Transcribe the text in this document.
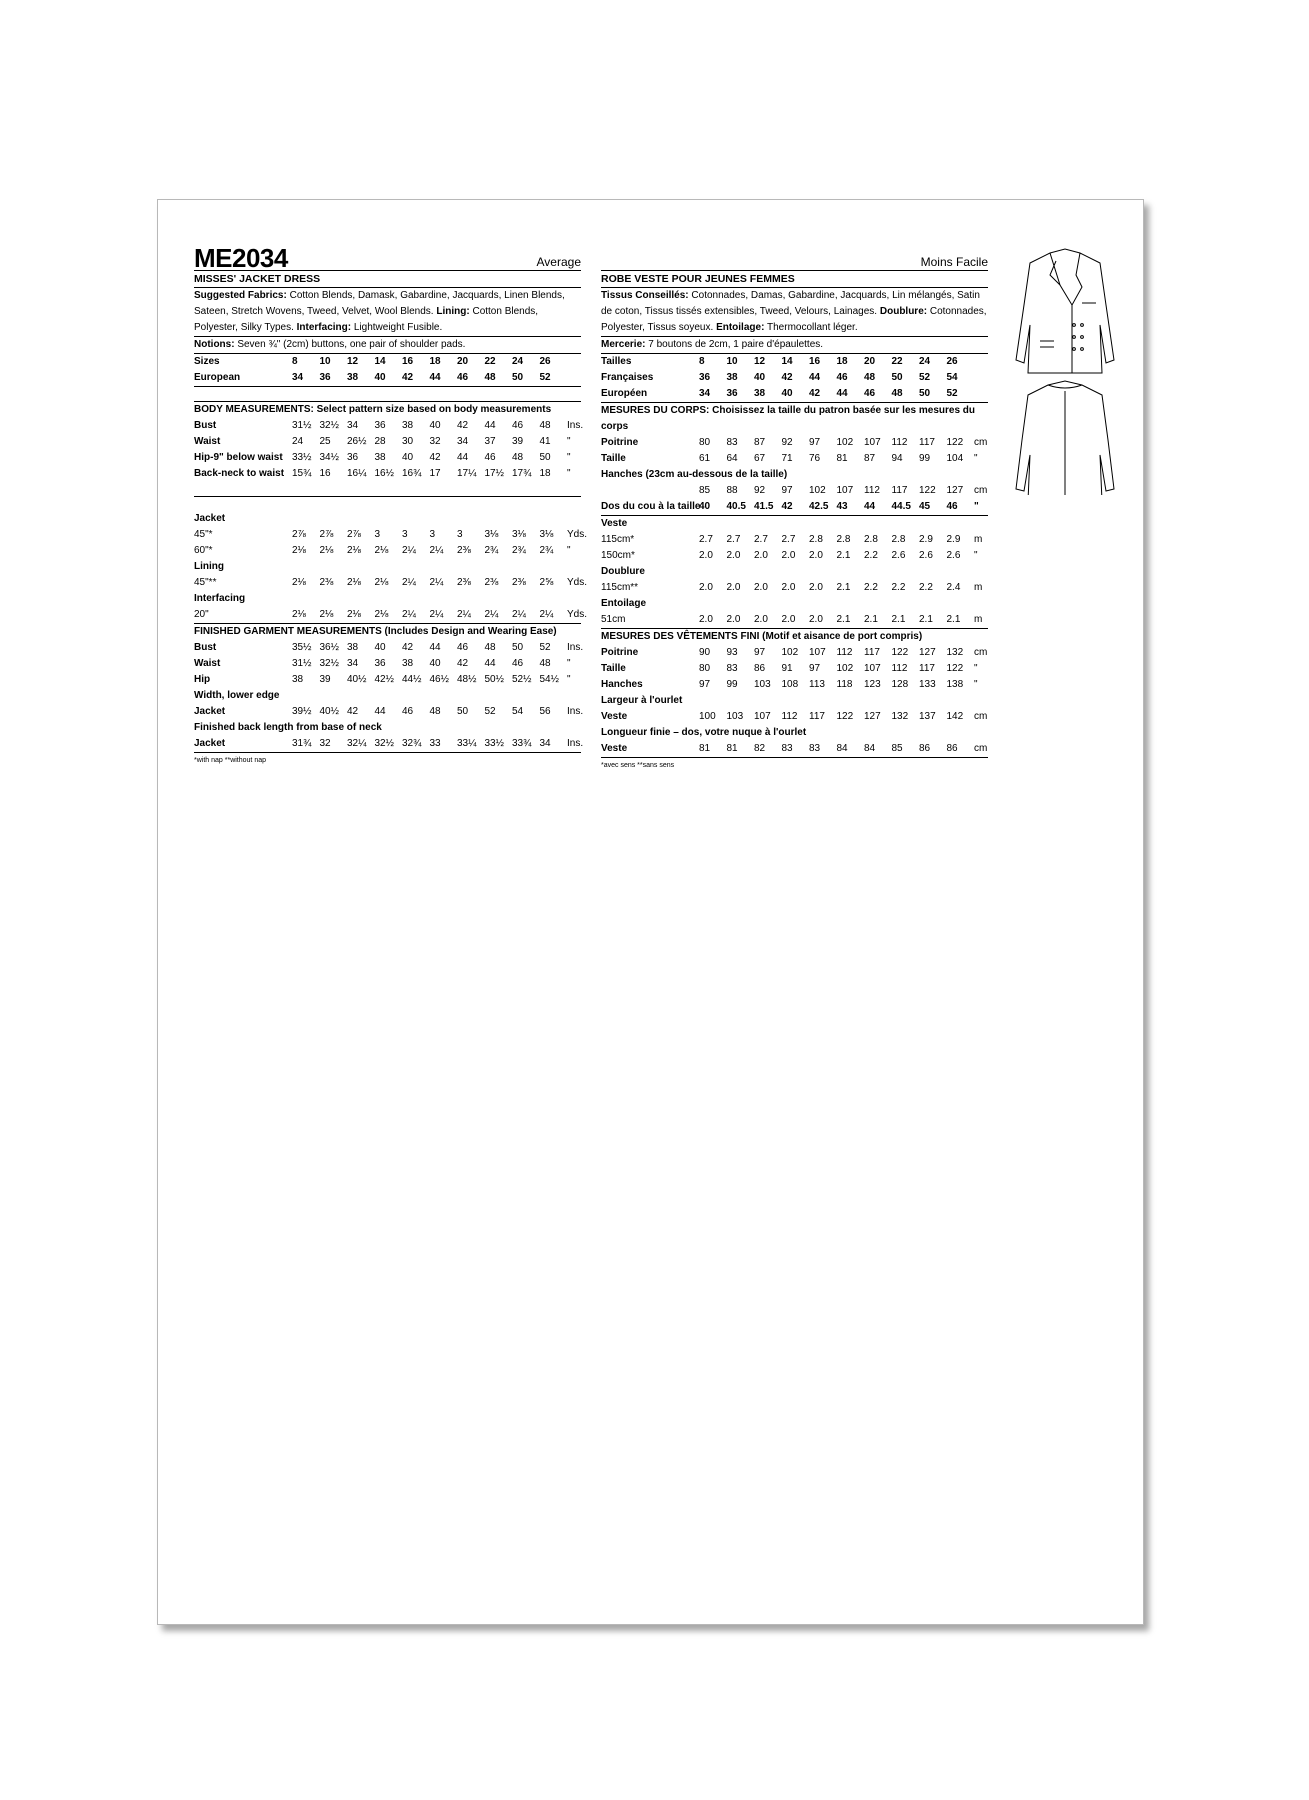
ME2034	Average
MISSES' JACKET DRESS
Suggested Fabrics: Cotton Blends, Damask, Gabardine, Jacquards, Linen Blends, Sateen, Stretch Wovens, Tweed, Velvet, Wool Blends. Lining: Cotton Blends, Polyester, Silky Types. Interfacing: Lightweight Fusible.
Notions: Seven ¾" (2cm) buttons, one pair of shoulder pads.
Sizes	8	10	12	14	16	18	20	22	24	26
European	34	36	38	40	42	44	46	48	50	52
BODY MEASUREMENTS: Select pattern size based on body measurements
Bust	31½ 32½ 34	36	38	40	42	44	46	48	Ins.
Waist	24	25	26½ 28	30	32	34	37	39	41	"
Hip-9" below waist 33½ 34½ 36	38	40	42	44	46	48	50	"
Back-neck to waist 15¾ 16	16¼ 16½ 16¾ 17	17¼ 17½ 17¾ 18	"
Jacket
45"*	2⅞	2⅞	2⅞	3	3	3	3	3⅛	3⅛	3⅛	Yds.
60"*	2⅛	2⅛	2⅛	2⅛	2¼	2¼	2⅜	2¾	2¾	2¾	"
Lining
45"**	2⅛	2⅜	2⅛	2⅛	2¼	2¼	2⅜	2⅜	2⅜	2⅝	Yds.
Interfacing
20"	2⅛	2⅛	2⅛	2⅛	2¼	2¼	2¼	2¼	2¼	2¼	Yds.
FINISHED GARMENT MEASUREMENTS (Includes Design and Wearing Ease)
Bust	35½ 36½ 38	40	42	44	46	48	50	52	Ins.
Waist	31½ 32½ 34	36	38	40	42	44	46	48	"
Hip	38	39	40½ 42½ 44½ 46½ 48½ 50½ 52½ 54½ "
Width, lower edge
Jacket	39½ 40½ 42	44	46	48	50	52	54	56	Ins.
Finished back length from base of neck
Jacket	31¾ 32	32¼ 32½ 32¾ 33	33¼ 33½ 33¾ 34	Ins.
*with nap **without nap
Moins Facile
ROBE VESTE POUR JEUNES FEMMES
Tissus Conseillés: Cotonnades, Damas, Gabardine, Jacquards, Lin mélangés, Satin de coton, Tissus tissés extensibles, Tweed, Velours, Lainages. Doublure: Cotonnades, Polyester, Tissus soyeux. Entoilage: Thermocollant léger.
Mercerie: 7 boutons de 2cm, 1 paire d'épaulettes.
Tailles	8	10	12	14	16	18	20	22	24	26
Françaises	36	38	40	42	44	46	48	50	52	54
Européen	34	36	38	40	42	44	46	48	50	52
MESURES DU CORPS: Choisissez la taille du patron basée sur les mesures du corps
Poitrine	80	83	87	92	97	102	107	112	117	122	cm
Taille	61	64	67	71	76	81	87	94	99	104	"
Hanches (23cm au-dessous de la taille)
85	88	92	97	102	107	112	117	122	127	cm
Dos du cou à la taille
40	40.5 41.5 42	42.5 43	44	44.5 45	46	"
Veste
115cm*	2.7	2.7	2.7	2.7	2.8	2.8	2.8	2.8	2.9	2.9	m
150cm*	2.0	2.0	2.0	2.0	2.0	2.1	2.2	2.6	2.6	2.6	"
Doublure
115cm**	2.0	2.0	2.0	2.0	2.0	2.1	2.2	2.2	2.2	2.4	m
Entoilage
51cm	2.0	2.0	2.0	2.0	2.0	2.1	2.1	2.1	2.1	2.1	m
MESURES DES VÊTEMENTS FINI (Motif et aisance de port compris)
Poitrine	90	93	97	102	107	112	117	122	127	132	cm
Taille	80	83	86	91	97	102	107	112	117	122	"
Hanches	97	99	103	108	113	118	123	128	133	138	"
Largeur à l'ourlet
Veste	100	103	107	112	117	122	127	132	137	142	cm
Longueur finie – dos, votre nuque à l'ourlet
Veste	81	81	82	83	83	84	84	85	86	86	cm
*avec sens **sans sens
